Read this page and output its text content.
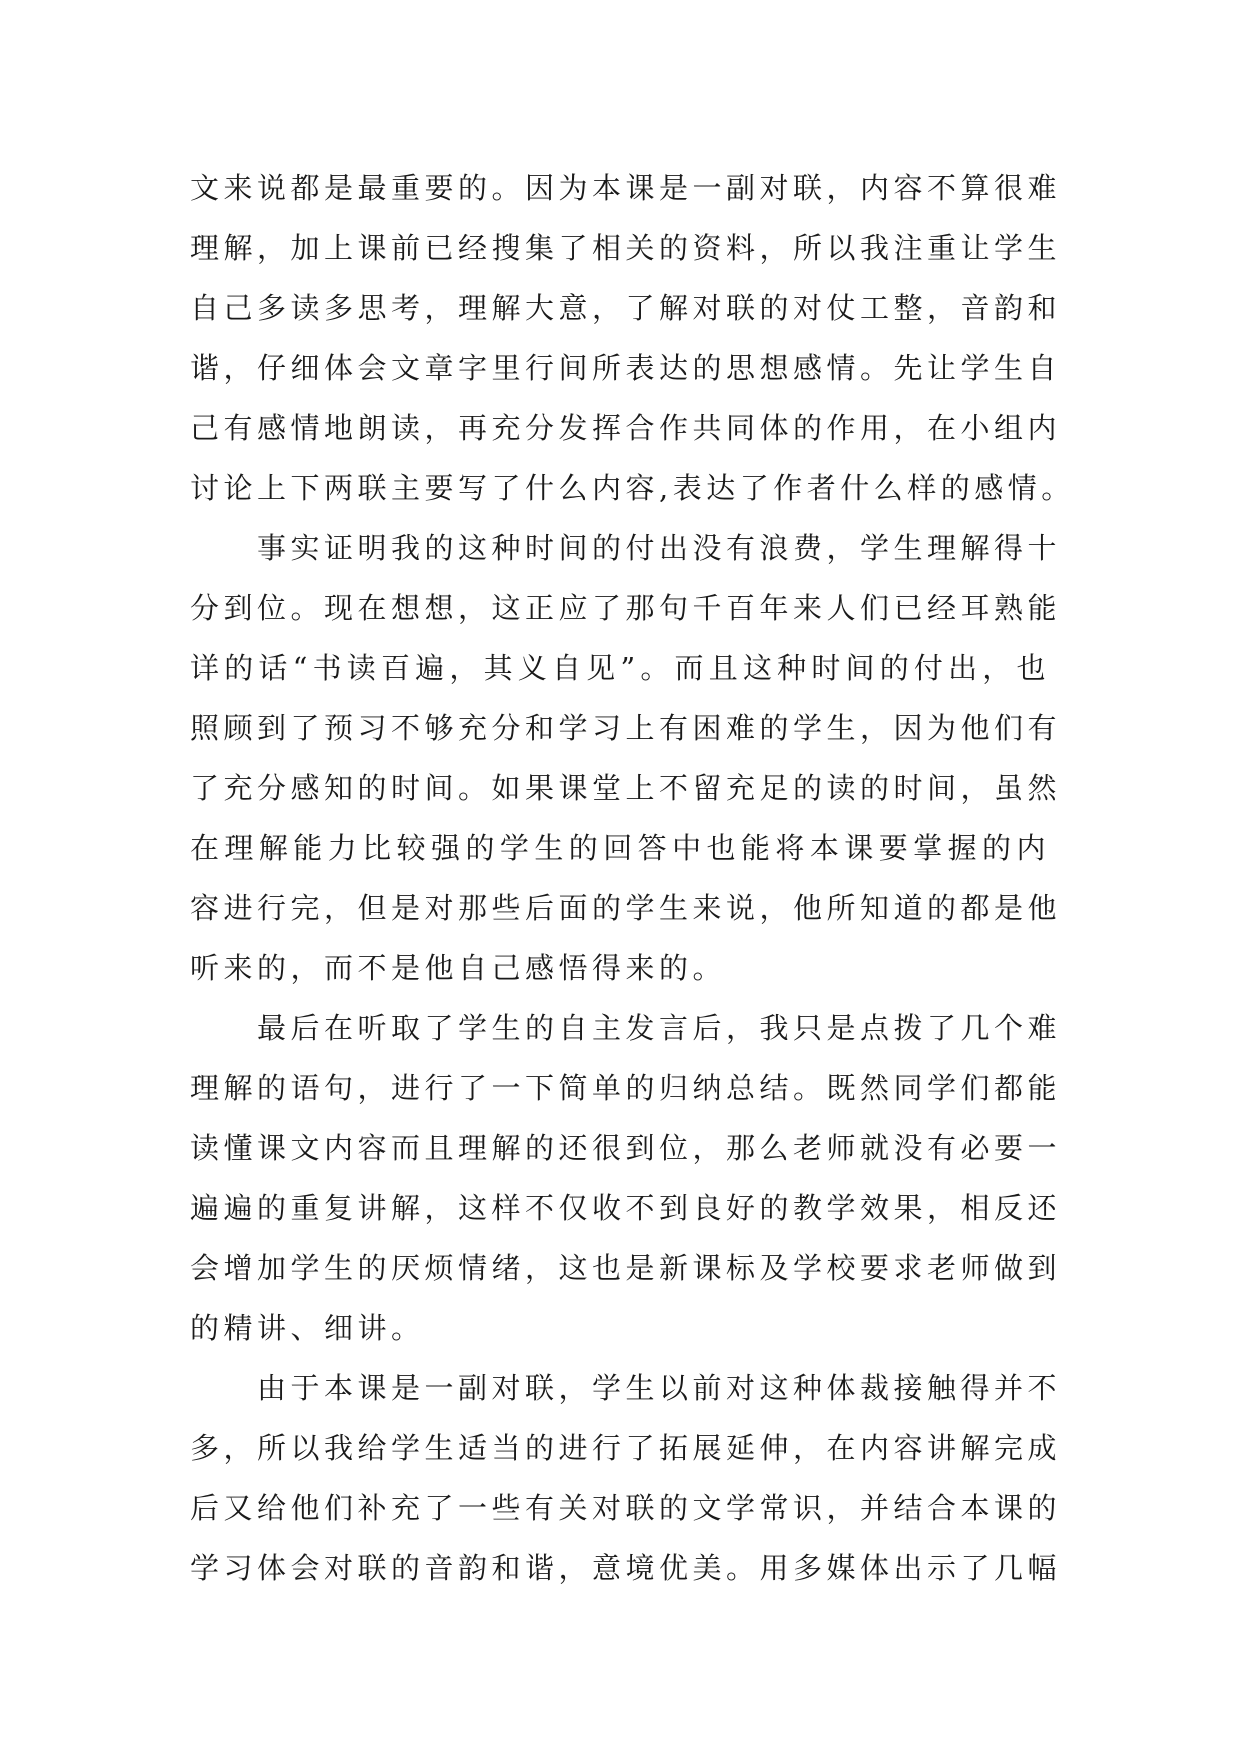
文来说都是最重要的。因为本课是一副对联，内容不算很难
理解，加上课前已经搜集了相关的资料，所以我注重让学生
自己多读多思考，理解大意，了解对联的对仗工整，音韵和
谐，仔细体会文章字里行间所表达的思想感情。先让学生自
己有感情地朗读，再充分发挥合作共同体的作用，在小组内
讨论上下两联主要写了什么内容,表达了作者什么样的感情。
事实证明我的这种时间的付出没有浪费，学生理解得十
分到位。现在想想，这正应了那句千百年来人们已经耳熟能
详的话“书读百遍，其义自见”。而且这种时间的付出，也
照顾到了预习不够充分和学习上有困难的学生，因为他们有
了充分感知的时间。如果课堂上不留充足的读的时间，虽然
在理解能力比较强的学生的回答中也能将本课要掌握的内
容进行完，但是对那些后面的学生来说，他所知道的都是他
听来的，而不是他自己感悟得来的。
最后在听取了学生的自主发言后，我只是点拨了几个难
理解的语句，进行了一下简单的归纳总结。既然同学们都能
读懂课文内容而且理解的还很到位，那么老师就没有必要一
遍遍的重复讲解，这样不仅收不到良好的教学效果，相反还
会增加学生的厌烦情绪，这也是新课标及学校要求老师做到
的精讲、细讲。
由于本课是一副对联，学生以前对这种体裁接触得并不
多，所以我给学生适当的进行了拓展延伸，在内容讲解完成
后又给他们补充了一些有关对联的文学常识，并结合本课的
学习体会对联的音韵和谐，意境优美。用多媒体出示了几幅
